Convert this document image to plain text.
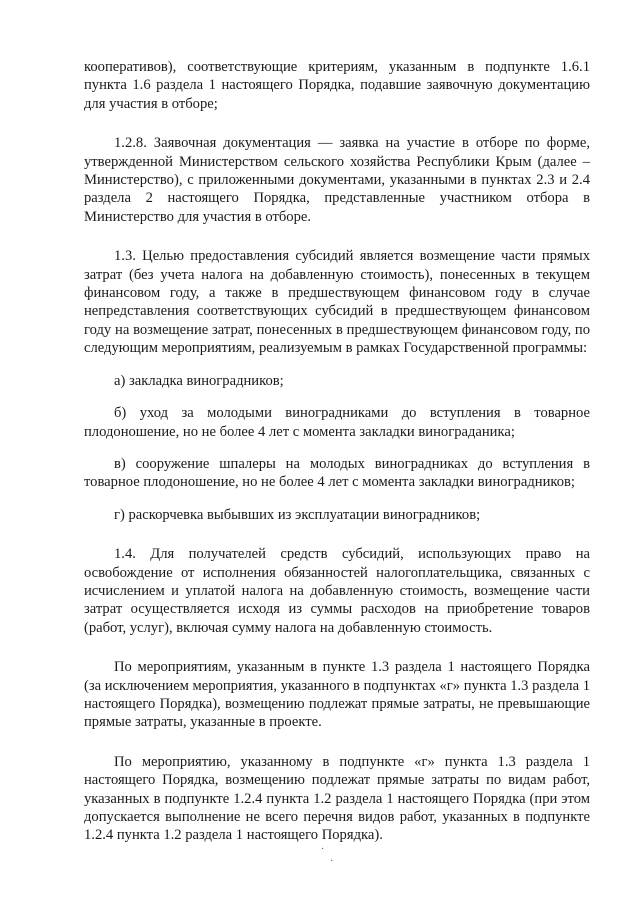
кооперативов), соответствующие критериям, указанным в подпункте 1.6.1 пункта 1.6 раздела 1 настоящего Порядка, подавшие заявочную документацию для участия в отборе;

1.2.8. Заявочная документация — заявка на участие в отборе по форме, утвержденной Министерством сельского хозяйства Республики Крым (далее – Министерство), с приложенными документами, указанными в пунктах 2.3 и 2.4 раздела 2 настоящего Порядка, представленные участником отбора в Министерство для участия в отборе.

1.3. Целью предоставления субсидий является возмещение части прямых затрат (без учета налога на добавленную стоимость), понесенных в текущем финансовом году, а также в предшествующем финансовом году в случае непредставления соответствующих субсидий в предшествующем финансовом году на возмещение затрат, понесенных в предшествующем финансовом году, по следующим мероприятиям, реализуемым в рамках Государственной программы:

а) закладка виноградников;

б) уход за молодыми виноградниками до вступления в товарное плодоношение, но не более 4 лет с момента закладки винограданика;

в) сооружение шпалеры на молодых виноградниках до вступления в товарное плодоношение, но не более 4 лет с момента закладки виноградников;

г) раскорчевка выбывших из эксплуатации виноградников;

1.4. Для получателей средств субсидий, использующих право на освобождение от исполнения обязанностей налогоплательщика, связанных с исчислением и уплатой налога на добавленную стоимость, возмещение части затрат осуществляется исходя из суммы расходов на приобретение товаров (работ, услуг), включая сумму налога на добавленную стоимость.

По мероприятиям, указанным в пункте 1.3 раздела 1 настоящего Порядка (за исключением мероприятия, указанного в подпунктах «г» пункта 1.3 раздела 1 настоящего Порядка), возмещению подлежат прямые затраты, не превышающие прямые затраты, указанные в проекте.

По мероприятию, указанному в подпункте «г» пункта 1.3 раздела 1 настоящего Порядка, возмещению подлежат прямые затраты по видам работ, указанных в подпункте 1.2.4 пункта 1.2 раздела 1 настоящего Порядка (при этом допускается выполнение не всего перечня видов работ, указанных в подпункте 1.2.4 пункта 1.2 раздела 1 настоящего Порядка).

·
·
